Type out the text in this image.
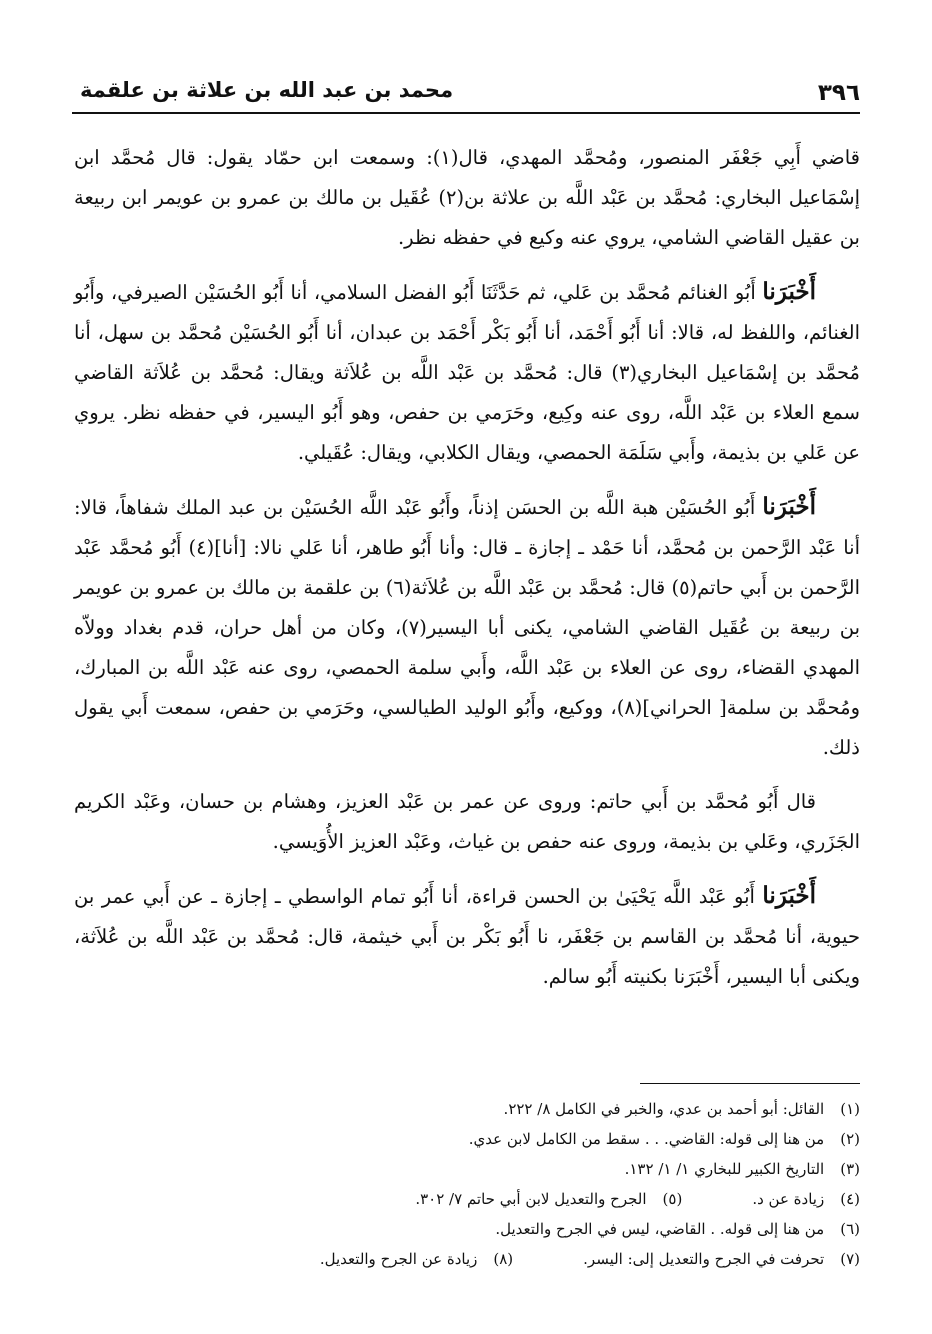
٣٩٦
محمد بن عبد الله بن علاثة بن علقمة

قاضي أَبِي جَعْفَر المنصور، ومُحمَّد المهدي، قال(١): وسمعت ابن حمّاد يقول: قال مُحمَّد ابن إسْمَاعيل البخاري: مُحمَّد بن عَبْد اللَّه بن علاثة بن(٢) عُقَيل بن مالك بن عمرو بن عويمر ابن ربيعة بن عقيل القاضي الشامي، يروي عنه وكيع في حفظه نظر.

أَخْبَرَنا أَبُو الغنائم مُحمَّد بن عَلي، ثم حَدَّثَنَا أَبُو الفضل السلامي، أنا أَبُو الحُسَيْن الصيرفي، وأَبُو الغنائم، واللفظ له، قالا: أنا أَبُو أَحْمَد، أنا أَبُو بَكْر أَحْمَد بن عبدان، أنا أَبُو الحُسَيْن مُحمَّد بن سهل، أنا مُحمَّد بن إسْمَاعيل البخاري(٣) قال: مُحمَّد بن عَبْد اللَّه بن عُلاَثة ويقال: مُحمَّد بن عُلاَثة القاضي سمع العلاء بن عَبْد اللَّه، روى عنه وكِيع، وحَرَمي بن حفص، وهو أَبُو اليسير، في حفظه نظر. يروي عن عَلي بن بذيمة، وأَبي سَلَمَة الحمصي، ويقال الكلابي، ويقال: عُقَيلي.

أَخْبَرَنا أَبُو الحُسَيْن هبة اللَّه بن الحسَن إذناً، وأَبُو عَبْد اللَّه الحُسَيْن بن عبد الملك شفاهاً، قالا: أنا عَبْد الرَّحمن بن مُحمَّد، أنا حَمْد ـ إجازة ـ قال: وأنا أَبُو طاهر، أنا عَلي نالا: [أنا](٤) أَبُو مُحمَّد عَبْد الرَّحمن بن أَبي حاتم(٥) قال: مُحمَّد بن عَبْد اللَّه بن عُلاَثة(٦) بن علقمة بن مالك بن عمرو بن عويمر بن ربيعة بن عُقَيل القاضي الشامي، يكنى أبا اليسير(٧)، وكان من أهل حران، قدم بغداد وولاّه المهدي القضاء، روى عن العلاء بن عَبْد اللَّه، وأَبي سلمة الحمصي، روى عنه عَبْد اللَّه بن المبارك، ومُحمَّد بن سلمة[ الحراني](٨)، ووكيع، وأَبُو الوليد الطيالسي، وحَرَمي بن حفص، سمعت أَبي يقول ذلك.

قال أَبُو مُحمَّد بن أَبي حاتم: وروى عن عمر بن عَبْد العزيز، وهشام بن حسان، وعَبْد الكريم الجَزَري، وعَلي بن بذيمة، وروى عنه حفص بن غياث، وعَبْد العزيز الأُوَيسي.

أَخْبَرَنا أَبُو عَبْد اللَّه يَحْيَىٰ بن الحسن قراءة، أنا أَبُو تمام الواسطي ـ إجازة ـ عن أَبي عمر بن حيوية، أنا مُحمَّد بن القاسم بن جَعْفَر، نا أَبُو بَكْر بن أَبي خيثمة، قال: مُحمَّد بن عَبْد اللَّه بن عُلاَثة، ويكنى أبا اليسير، أَخْبَرَنا بكنيته أَبُو سالم.

(١)
القائل: أبو أحمد بن عدي، والخبر في الكامل ٨/ ٢٢٢.
(٢)
من هنا إلى قوله: القاضي. . . سقط من الكامل لابن عدي.
(٣)
التاريخ الكبير للبخاري ١/ ١/ ١٣٢.
(٤)
زيادة عن د.
(٥)
الجرح والتعديل لابن أبي حاتم ٧/ ٣٠٢.
(٦)
من هنا إلى قوله. . القاضي، ليس في الجرح والتعديل.
(٧)
تحرفت في الجرح والتعديل إلى: اليسر.
(٨)
زيادة عن الجرح والتعديل.
